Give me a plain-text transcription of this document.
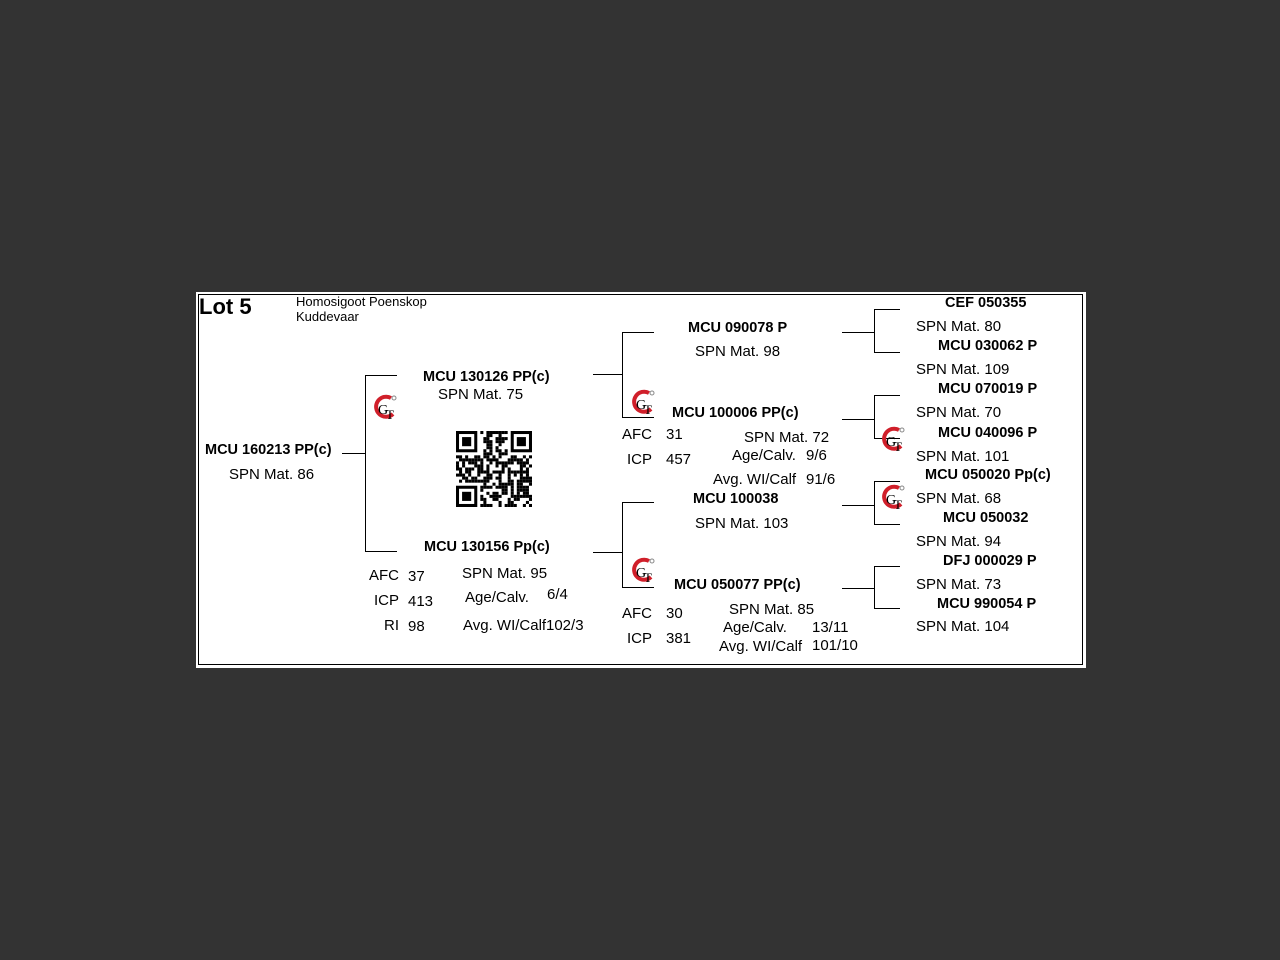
Lot 5	Homosigoot Poenskop
Kuddevaar
MCU 160213 PP(c)
SPN Mat. 86
MCU 130126 PP(c)
SPN Mat. 75
G
T
MCU 130156 Pp(c)
AFC 37
ICP 413
RI 98
SPN Mat. 95
Age/Calv. 6/4
Avg. WI/Calf 102/3
MCU 090078 P
SPN Mat. 98
G
T MCU 100006 PP(c)
SPN Mat. 72
Age/Calv. 9/6
Avg. WI/Calf 91/6
AFC 31
ICP 457
MCU 100038
SPN Mat. 103
G
T MCU 050077 PP(c)
SPN Mat. 85
Age/Calv. 13/11
Avg. WI/Calf 101/10
AFC 30
ICP 381
G
T
G
T
CEF 050355
SPN Mat. 80
MCU 030062 P
SPN Mat. 109
MCU 070019 P
SPN Mat. 70
MCU 040096 P
SPN Mat. 101
MCU 050020 Pp(c)
SPN Mat. 68
MCU 050032
SPN Mat. 94
DFJ 000029 P
SPN Mat. 73
MCU 990054 P
SPN Mat. 104
